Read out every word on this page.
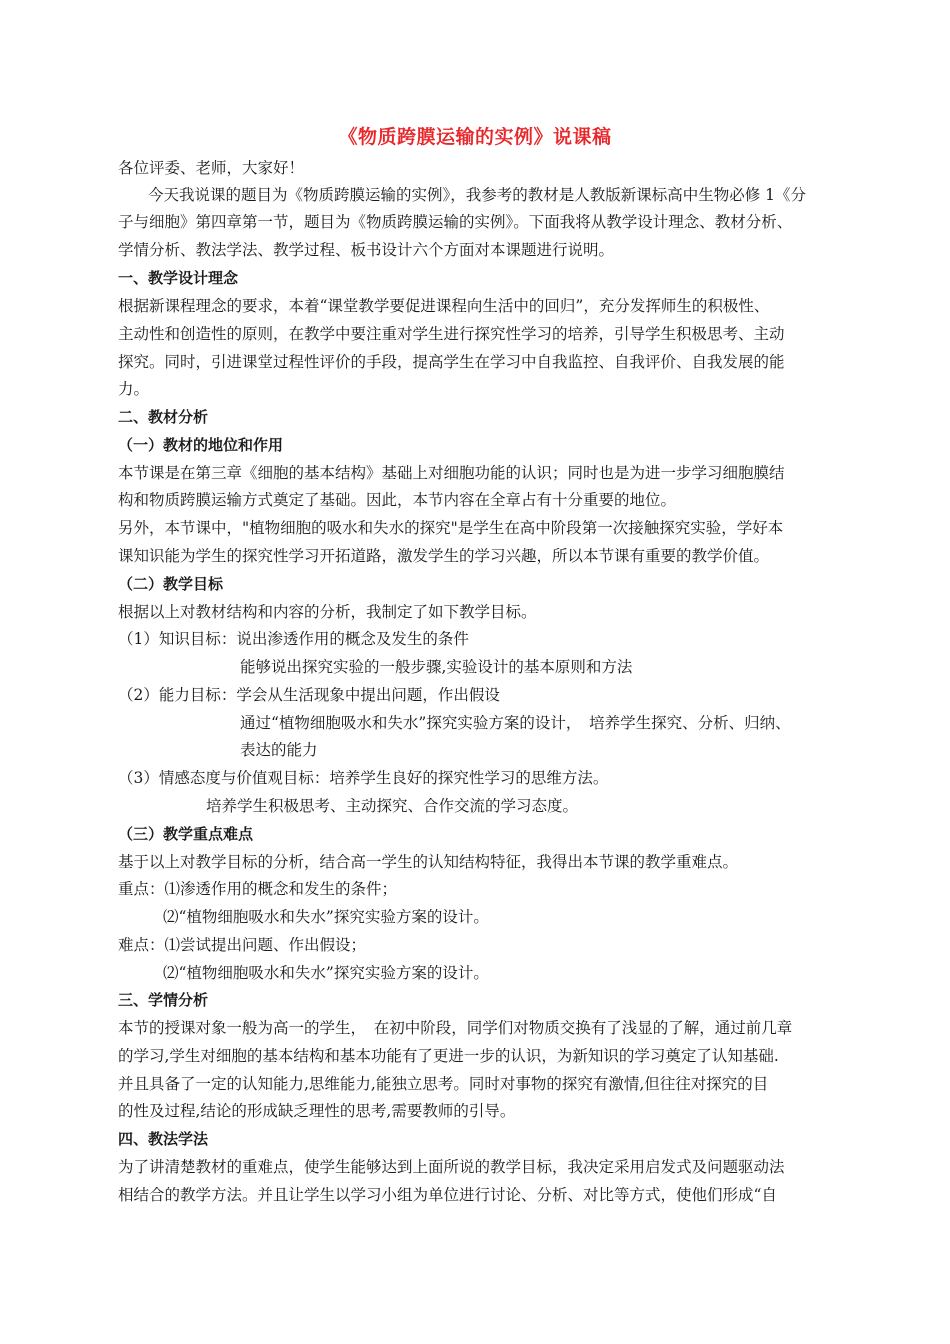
《物质跨膜运输的实例》说课稿
各位评委、老师，大家好！
今天我说课的题目为《物质跨膜运输的实例》，我参考的教材是人教版新课标高中生物必修 1《分
子与细胞》第四章第一节，题目为《物质跨膜运输的实例》。下面我将从教学设计理念、教材分析、
学情分析、教法学法、教学过程、板书设计六个方面对本课题进行说明。
一、教学设计理念
根据新课程理念的要求，本着“课堂教学要促进课程向生活中的回归”，充分发挥师生的积极性、
主动性和创造性的原则，在教学中要注重对学生进行探究性学习的培养，引导学生积极思考、主动
探究。同时，引进课堂过程性评价的手段，提高学生在学习中自我监控、自我评价、自我发展的能
力。
二、教材分析
（一）教材的地位和作用
本节课是在第三章《细胞的基本结构》基础上对细胞功能的认识；同时也是为进一步学习细胞膜结
构和物质跨膜运输方式奠定了基础。因此，本节内容在全章占有十分重要的地位。
另外，本节课中，"植物细胞的吸水和失水的探究"是学生在高中阶段第一次接触探究实验，学好本
课知识能为学生的探究性学习开拓道路，激发学生的学习兴趣，所以本节课有重要的教学价值。
（二）教学目标
根据以上对教材结构和内容的分析，我制定了如下教学目标。
（1）知识目标：说出渗透作用的概念及发生的条件
能够说出探究实验的一般步骤,实验设计的基本原则和方法
（2）能力目标：学会从生活现象中提出问题，作出假设
通过“植物细胞吸水和失水”探究实验方案的设计，　培养学生探究、分析、归纳、
表达的能力
（3）情感态度与价值观目标：培养学生良好的探究性学习的思维方法。
培养学生积极思考、主动探究、合作交流的学习态度。
（三）教学重点难点
基于以上对教学目标的分析，结合高一学生的认知结构特征，我得出本节课的教学重难点。
重点：⑴渗透作用的概念和发生的条件；
⑵“植物细胞吸水和失水”探究实验方案的设计。
难点：⑴尝试提出问题、作出假设；
⑵“植物细胞吸水和失水”探究实验方案的设计。
三、学情分析
本节的授课对象一般为高一的学生，　在初中阶段，同学们对物质交换有了浅显的了解，通过前几章
的学习,学生对细胞的基本结构和基本功能有了更进一步的认识，为新知识的学习奠定了认知基础.
并且具备了一定的认知能力,思维能力,能独立思考。同时对事物的探究有激情,但往往对探究的目
的性及过程,结论的形成缺乏理性的思考,需要教师的引导。
四、教法学法
为了讲清楚教材的重难点，使学生能够达到上面所说的教学目标，我决定采用启发式及问题驱动法
相结合的教学方法。并且让学生以学习小组为单位进行讨论、分析、对比等方式，使他们形成“自
